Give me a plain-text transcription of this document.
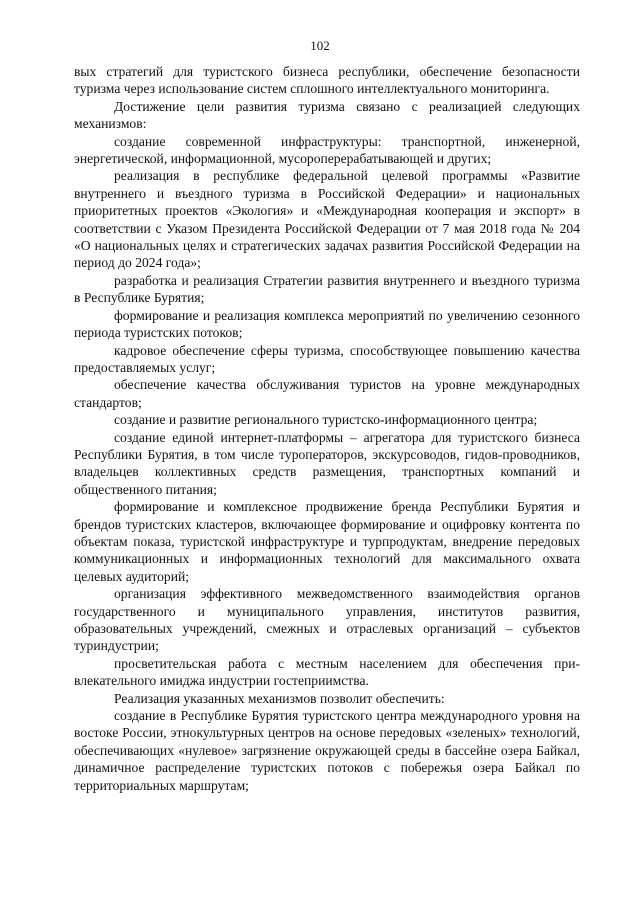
102

вых стратегий для туристского бизнеса республики, обеспечение безопасности туризма через использование систем сплошного интеллектуального мониторинга.

Достижение цели развития туризма связано с реализацией следующих механизмов:

создание современной инфраструктуры: транспортной, инженерной, энергетической, информационной, мусороперерабатывающей и других;

реализация в республике федеральной целевой программы «Развитие внутреннего и въездного туризма в Российской Федерации» и национальных приоритетных проектов «Экология» и «Международная кооперация и экспорт» в соответствии с Указом Президента Российской Федерации от 7 мая 2018 года № 204 «О национальных целях и стратегических задачах развития Российской Федерации на период до 2024 года»;

разработка и реализация Стратегии развития внутреннего и въездного туризма в Республике Бурятия;

формирование и реализация комплекса мероприятий по увеличению сезонного периода туристских потоков;

кадровое обеспечение сферы туризма, способствующее повышению качества предоставляемых услуг;

обеспечение качества обслуживания туристов на уровне международных стандартов;

создание и развитие регионального туристско-информационного центра;

создание единой интернет-платформы – агрегатора для туристского бизнеса Республики Бурятия, в том числе туроператоров, экскурсоводов, гидов-проводников, владельцев коллективных средств размещения, транспортных компаний и общественного питания;

формирование и комплексное продвижение бренда Республики Бурятия и брендов туристских кластеров, включающее формирование и оцифровку контента по объектам показа, туристской инфраструктуре и турпродуктам, внедрение передовых коммуникационных и информационных технологий для максимального охвата целевых аудиторий;

организация эффективного межведомственного взаимодействия органов государственного и муниципального управления, институтов развития, образовательных учреждений, смежных и отраслевых организаций – субъектов туриндустрии;

просветительская работа с местным населением для обеспечения привлекательного имиджа индустрии гостеприимства.

Реализация указанных механизмов позволит обеспечить:

создание в Республике Бурятия туристского центра международного уровня на востоке России, этнокультурных центров на основе передовых «зеленых» технологий, обеспечивающих «нулевое» загрязнение окружающей среды в бассейне озера Байкал, динамичное распределение туристских потоков с побережья озера Байкал по территориальных маршрутам;
